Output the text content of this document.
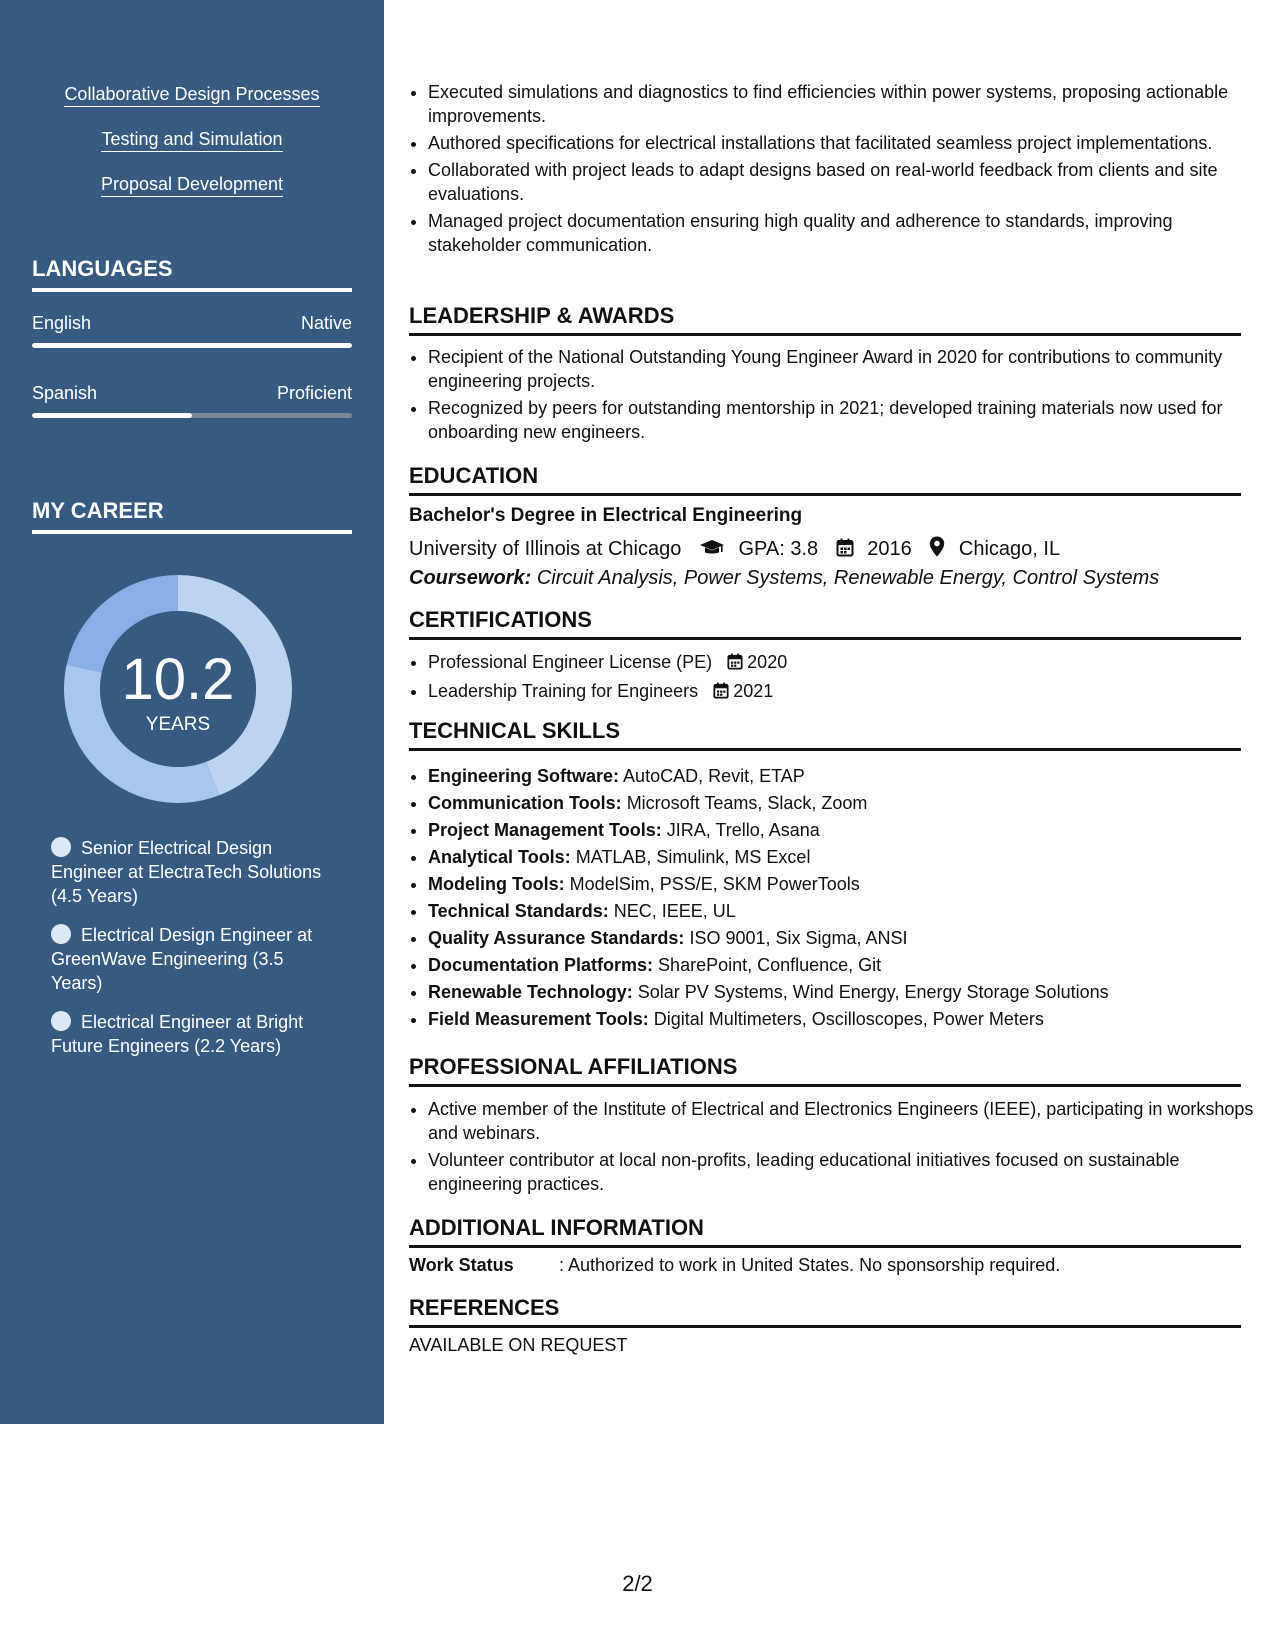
Collaborative Design Processes
Testing and Simulation
Proposal Development
LANGUAGES
English	Native
Spanish	Proficient
MY CAREER
10.2
YEARS
Senior Electrical Design Engineer at ElectraTech Solutions (4.5 Years)
Electrical Design Engineer at GreenWave Engineering (3.5 Years)
Electrical Engineer at Bright Future Engineers (2.2 Years)
• Executed simulations and diagnostics to find efficiencies within power systems, proposing actionable improvements.
• Authored specifications for electrical installations that facilitated seamless project implementations.
• Collaborated with project leads to adapt designs based on real-world feedback from clients and site evaluations.
• Managed project documentation ensuring high quality and adherence to standards, improving stakeholder communication.
LEADERSHIP & AWARDS
• Recipient of the National Outstanding Young Engineer Award in 2020 for contributions to community engineering projects.
• Recognized by peers for outstanding mentorship in 2021; developed training materials now used for onboarding new engineers.
EDUCATION
Bachelor's Degree in Electrical Engineering
University of Illinois at Chicago	GPA: 3.8 2016 Chicago, IL
Coursework: Circuit Analysis, Power Systems, Renewable Energy, Control Systems
CERTIFICATIONS
• Professional Engineer License (PE) 2020
• Leadership Training for Engineers 2021
TECHNICAL SKILLS
• Engineering Software: AutoCAD, Revit, ETAP
• Communication Tools: Microsoft Teams, Slack, Zoom
• Project Management Tools: JIRA, Trello, Asana
• Analytical Tools: MATLAB, Simulink, MS Excel
• Modeling Tools: ModelSim, PSS/E, SKM PowerTools
• Technical Standards: NEC, IEEE, UL
• Quality Assurance Standards: ISO 9001, Six Sigma, ANSI
• Documentation Platforms: SharePoint, Confluence, Git
• Renewable Technology: Solar PV Systems, Wind Energy, Energy Storage Solutions
• Field Measurement Tools: Digital Multimeters, Oscilloscopes, Power Meters
PROFESSIONAL AFFILIATIONS
• Active member of the Institute of Electrical and Electronics Engineers (IEEE), participating in workshops and webinars.
• Volunteer contributor at local non-profits, leading educational initiatives focused on sustainable engineering practices.
ADDITIONAL INFORMATION
Work Status	: Authorized to work in United States. No sponsorship required.
REFERENCES
AVAILABLE ON REQUEST
2/2
